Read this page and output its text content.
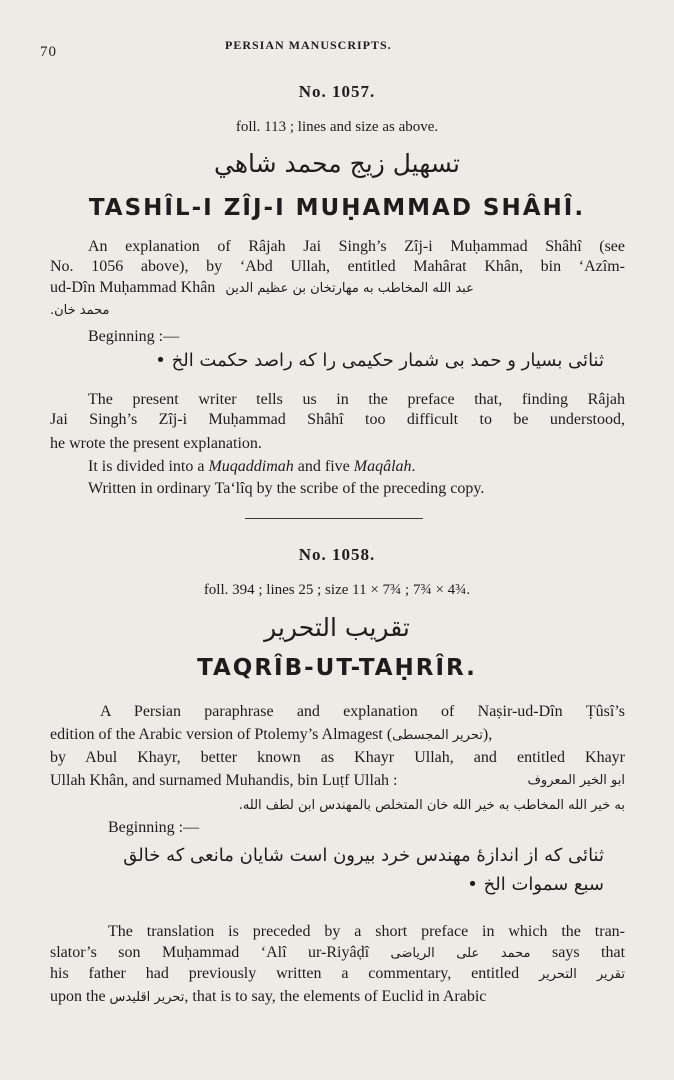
70	PERSIAN MANUSCRIPTS.
No. 1057.
foll. 113 ; lines and size as above.
تسهيل زيج محمد شاهي
TASHÎL-I ZÎJ-I MUḤAMMAD SHÂHÎ.
An explanation of Râjah Jai Singh’s Zîj-i Muḥammad Shâhî (see
No. 1056 above), by ‘Abd Ullah, entitled Mahârat Khân, bin ‘Azîm-
ud-Dîn Muḥammad Khân عبد الله المخاطب به مهارتخان بن عظيم الدين
محمد خان.
Beginning :—
ثنائی بسيار و حمد بی شمار حکيمی را که راصد حکمت الخ •
The present writer tells us in the preface that, finding Râjah
Jai Singh’s Zîj-i Muḥammad Shâhî too difficult to be understood,
he wrote the present explanation.
It is divided into a Muqaddimah and five Maqâlah.
Written in ordinary Ta‘lîq by the scribe of the preceding copy.
No. 1058.
foll. 394 ; lines 25 ; size 11 × 7¾ ; 7¾ × 4¾.
تقريب التحرير
TAQRÎB-UT-TAḤRÎR.
A Persian paraphrase and explanation of Naṣir-ud-Dîn Ṭûsî’s
edition of the Arabic version of Ptolemy’s Almagest (تحرير المجسطی),
by Abul Khayr, better known as Khayr Ullah, and entitled Khayr
Ullah Khân, and surnamed Muhandis, bin Luṭf Ullah :	ابو الخير المعروف
به خير الله المخاطب به خير الله خان المتخلص بالمهندس ابن لطف الله.
Beginning :—
ثنائی که از اندازهٔ مهندس خرد بيرون است شايان مانعی که خالق
سبع سموات الخ •
The translation is preceded by a short preface in which the tran-
slator’s son Muḥammad ‘Alî ur-Riyâḍî محمد علی الرياضی says that
his father had previously written a commentary, entitled تقرير التحرير
upon the تحرير اقليدس, that is to say, the elements of Euclid in Arabic
